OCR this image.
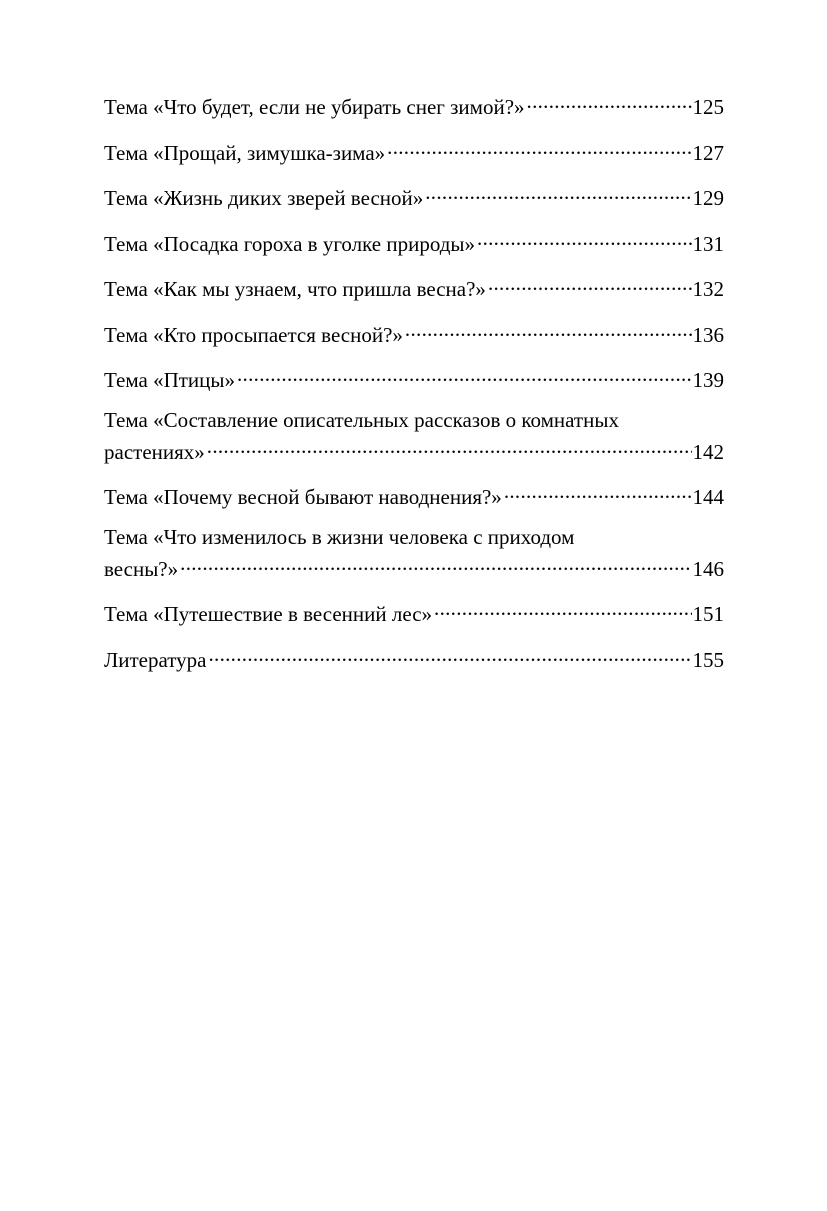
Тема «Что будет, если не убирать снег зимой?» .....	125
Тема «Прощай, зимушка-зима» .....	127
Тема «Жизнь диких зверей весной» .....	129
Тема «Посадка гороха в уголке природы» .....	131
Тема «Как мы узнаем, что пришла весна?» .....	132
Тема «Кто просыпается весной?» .....	136
Тема «Птицы» .....	139
Тема «Составление описательных рассказов о комнатных
растениях» .....	142
Тема «Почему весной бывают наводнения?» .....	144
Тема «Что изменилось в жизни человека с приходом
весны?» .....	146
Тема «Путешествие в весенний лес» .....	151
Литература .....	155
